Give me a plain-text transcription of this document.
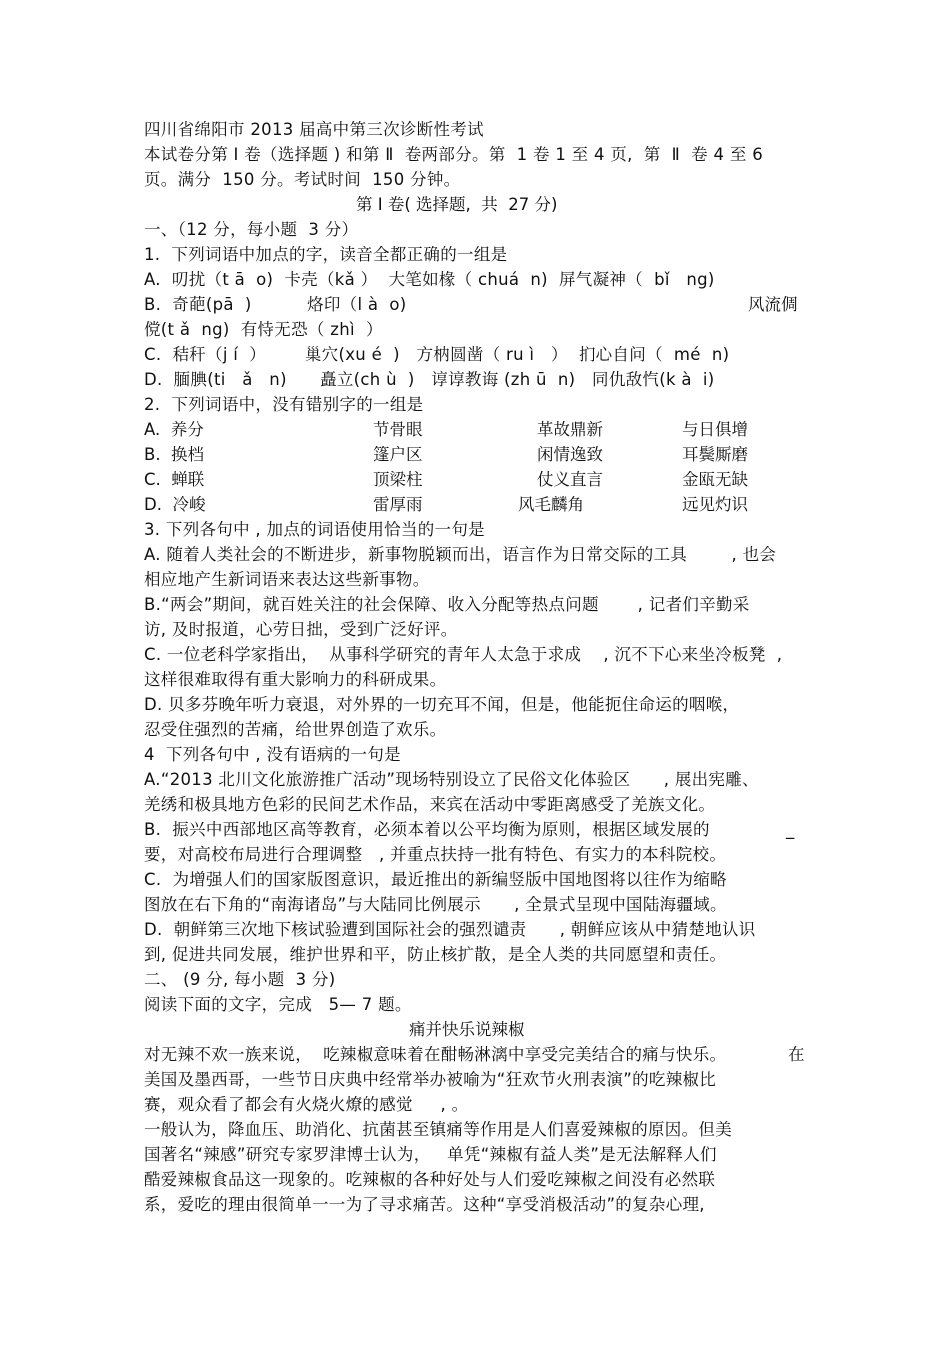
四川省绵阳市 2013 届高中第三次诊断性考试
本试卷分第 Ⅰ 卷（选择题 ) 和第 Ⅱ  卷两部分。第  1 卷 1 至 4 页,  第  Ⅱ  卷 4 至 6
页。满分  150 分。考试时间  150 分钟。
第 Ⅰ 卷( 选择题,  共  27 分)
一、（12 分，每小题  3 分）
1.  下列词语中加点的字，读音全都正确的一组是
A.  叨扰（t ā  o)  卡壳（kǎ ）  大笔如椽（ chuá  n)  屏气凝神（  bǐ   ng)
B.  奇葩(pā  )          烙印（l à  o)	风流倜
傥(t ǎ  ng)  有恃无恐（ zhì  ）
C.  秸秆（j í  ）       巢穴(xu é  )   方枘圆凿（ ru ì   ）  扪心自问（  mé  n)
D.  腼腆(ti   ǎ   n)      矗立(ch ù  )   谆谆教诲 (zh ū  n)   同仇敌忾(k à  i)
2.  下列词语中，没有错别字的一组是
A.  养分	节骨眼	革故鼎新	与日俱增
B.  换档	篷户区	闲情逸致	耳鬓厮磨
C.  蝉联	顶梁柱	仗义直言	金瓯无缺
D.  冷峻	雷厚雨	风毛麟角	远见灼识
3. 下列各句中 , 加点的词语使用恰当的一句是
A. 随着人类社会的不断进步，新事物脱颖而出，语言作为日常交际的工具        , 也会
相应地产生新词语来表达这些新事物。
B.“两会”期间，就百姓关注的社会保障、收入分配等热点问题       , 记者们辛勤采
访, 及时报道，心劳日拙，受到广泛好评。
C. 一位老科学家指出，  从事科学研究的青年人太急于求成    , 沉不下心来坐冷板凳  ,
这样很难取得有重大影响力的科研成果。
D. 贝多芬晚年听力衰退，对外界的一切充耳不闻，但是，他能扼住命运的咽喉，
忍受住强烈的苦痛，给世界创造了欢乐。
4  下列各句中 , 没有语病的一句是
A.“2013 北川文化旅游推广活动”现场特别设立了民俗文化体验区      , 展出宪雕、
羌绣和极具地方色彩的民间艺术作品，来宾在活动中零距离感受了羌族文化。
B.  振兴中西部地区高等教育，必须本着以公平均衡为原则，根据区域发展的	_
要，对高校布局进行合理调整   , 并重点扶持一批有特色、有实力的本科院校。
C.  为增强人们的国家版图意识，最近推出的新编竖版中国地图将以往作为缩略
图放在右下角的“南海诸岛”与大陆同比例展示      , 全景式呈现中国陆海疆域。
D.  朝鲜第三次地下核试验遭到国际社会的强烈谴责      , 朝鲜应该从中猜楚地认识
到, 促进共同发展，维护世界和平，防止核扩散，是全人类的共同愿望和责任。
二、 (9 分, 每小题  3 分)
阅读下面的文字，完成   5— 7 题。
痛并快乐说辣椒
对无辣不欢一族来说，  吃辣椒意味着在酣畅淋漓中享受完美结合的痛与快乐。	在
美国及墨西哥，一些节日庆典中经常举办被喻为“狂欢节火刑表演”的吃辣椒比
赛，观众看了都会有火烧火燎的感觉     , 。
一般认为，降血压、助消化、抗菌甚至镇痛等作用是人们喜爱辣椒的原因。但美
国著名“辣感”研究专家罗津博士认为，   单凭“辣椒有益人类”是无法解释人们
酷爱辣椒食品这一现象的。吃辣椒的各种好处与人们爱吃辣椒之间没有必然联
系，爱吃的理由很简单一一为了寻求痛苦。这种“享受消极活动”的复杂心理,
